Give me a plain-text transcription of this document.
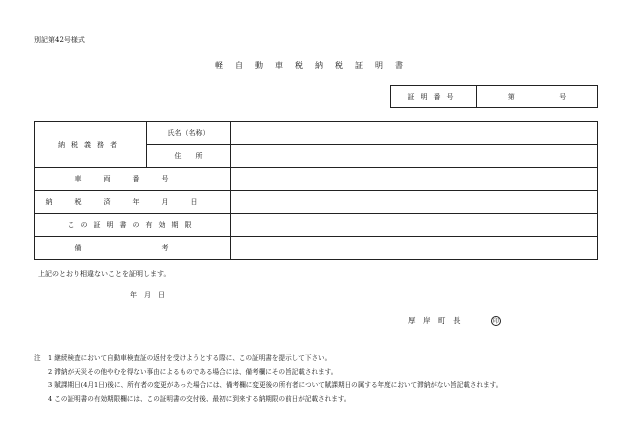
別記第42号様式
軽自動車税納税証明書
証明番号	第	号
納税義務者	氏名（名称）	
	住　　所	
車両番号		
納税済年月日		
この証明書の有効期限		
備　　考		
上記のとおり相違ないことを証明します。
年　月　日
厚　岸　町　長	印
注	1 継続検査において自動車検査証の返付を受けようとする際に、この証明書を提示して下さい。
2 滞納が天災その他やむを得ない事由によるものである場合には、備考欄にその旨記載されます。
3 賦課期日(4月1日)後に、所有者の変更があった場合には、備考欄に変更後の所有者について賦課期日の属する年度において滞納がない旨記載されます。
4 この証明書の有効期限欄には、この証明書の交付後、最初に到来する納期限の前日が記載されます。
